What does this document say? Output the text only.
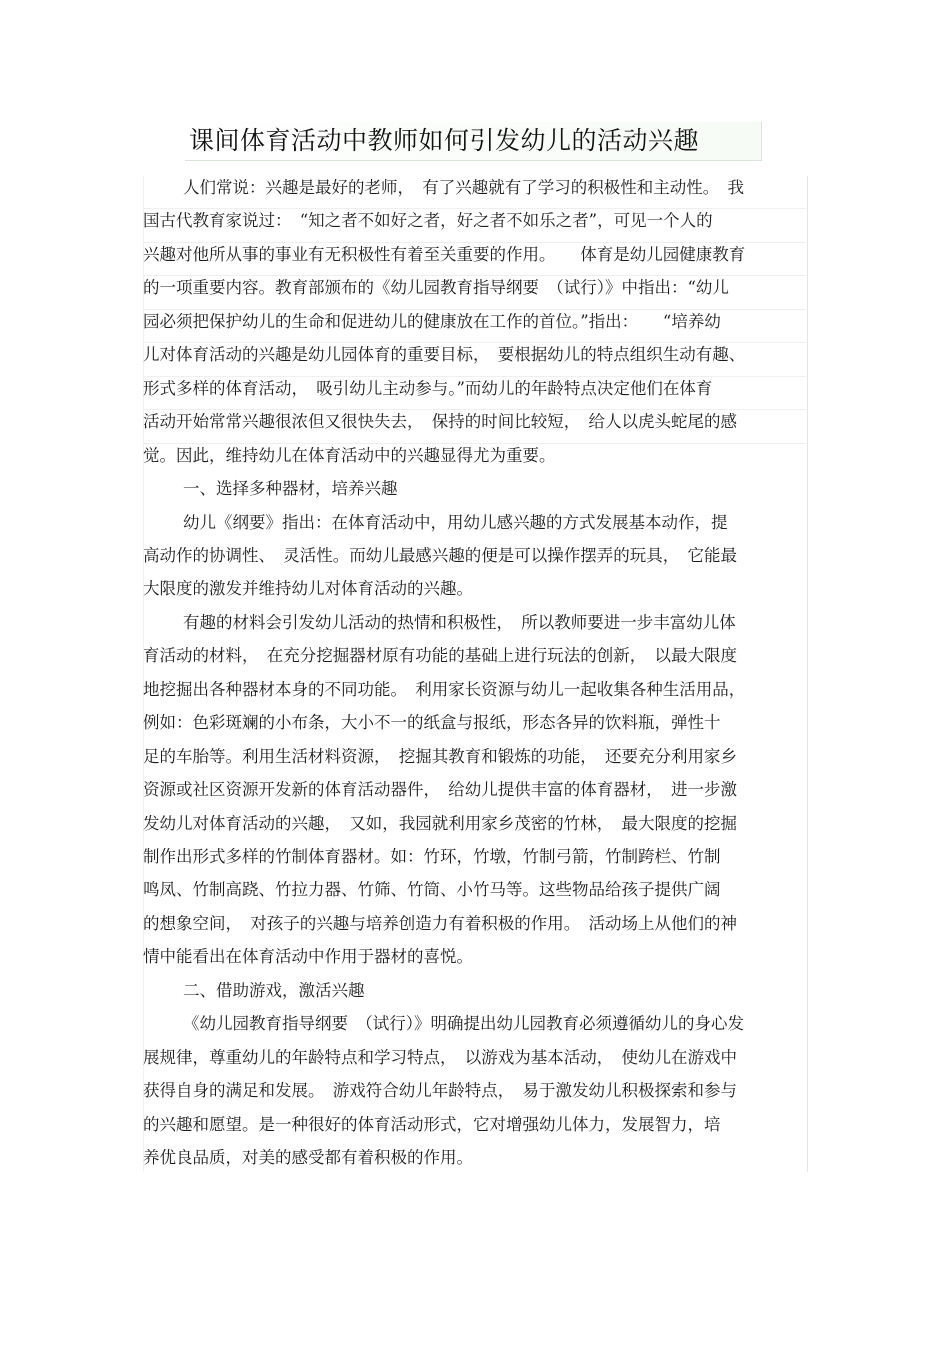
课间体育活动中教师如何引发幼儿的活动兴趣
人们常说：兴趣是最好的老师，　有了兴趣就有了学习的积极性和主动性。　我
国古代教育家说过：　“知之者不如好之者，好之者不如乐之者”，可见一个人的
兴趣对他所从事的事业有无积极性有着至关重要的作用。　　体育是幼儿园健康教育
的一项重要内容。教育部颁布的《幼儿园教育指导纲要　（试行）》中指出：“幼儿
园必须把保护幼儿的生命和促进幼儿的健康放在工作的首位。”指出：　　“培养幼
儿对体育活动的兴趣是幼儿园体育的重要目标，　要根据幼儿的特点组织生动有趣、
形式多样的体育活动，　吸引幼儿主动参与。”而幼儿的年龄特点决定他们在体育
活动开始常常兴趣很浓但又很快失去，　保持的时间比较短，　给人以虎头蛇尾的感
觉。因此，维持幼儿在体育活动中的兴趣显得尤为重要。
一、选择多种器材，培养兴趣
幼儿《纲要》指出：在体育活动中，用幼儿感兴趣的方式发展基本动作，提
高动作的协调性、　灵活性。而幼儿最感兴趣的便是可以操作摆弄的玩具，　它能最
大限度的激发并维持幼儿对体育活动的兴趣。
有趣的材料会引发幼儿活动的热情和积极性，　所以教师要进一步丰富幼儿体
育活动的材料，　在充分挖掘器材原有功能的基础上进行玩法的创新，　以最大限度
地挖掘出各种器材本身的不同功能。　利用家长资源与幼儿一起收集各种生活用品，
例如：色彩斑斓的小布条，大小不一的纸盒与报纸，形态各异的饮料瓶，弹性十
足的车胎等。利用生活材料资源，　挖掘其教育和锻炼的功能，　还要充分利用家乡
资源或社区资源开发新的体育活动器件，　给幼儿提供丰富的体育器材，　进一步激
发幼儿对体育活动的兴趣，　又如，我园就利用家乡茂密的竹林，　最大限度的挖掘
制作出形式多样的竹制体育器材。如：竹环，竹墩，竹制弓箭，竹制跨栏、竹制
鸣凤、竹制高跷、竹拉力器、竹筛、竹筒、小竹马等。这些物品给孩子提供广阔
的想象空间，　对孩子的兴趣与培养创造力有着积极的作用。　活动场上从他们的神
情中能看出在体育活动中作用于器材的喜悦。
二、借助游戏，激活兴趣
《幼儿园教育指导纲要　（试行）》明确提出幼儿园教育必须遵循幼儿的身心发
展规律，尊重幼儿的年龄特点和学习特点，　以游戏为基本活动，　使幼儿在游戏中
获得自身的满足和发展。　游戏符合幼儿年龄特点，　易于激发幼儿积极探索和参与
的兴趣和愿望。是一种很好的体育活动形式，它对增强幼儿体力，发展智力，培
养优良品质，对美的感受都有着积极的作用。
